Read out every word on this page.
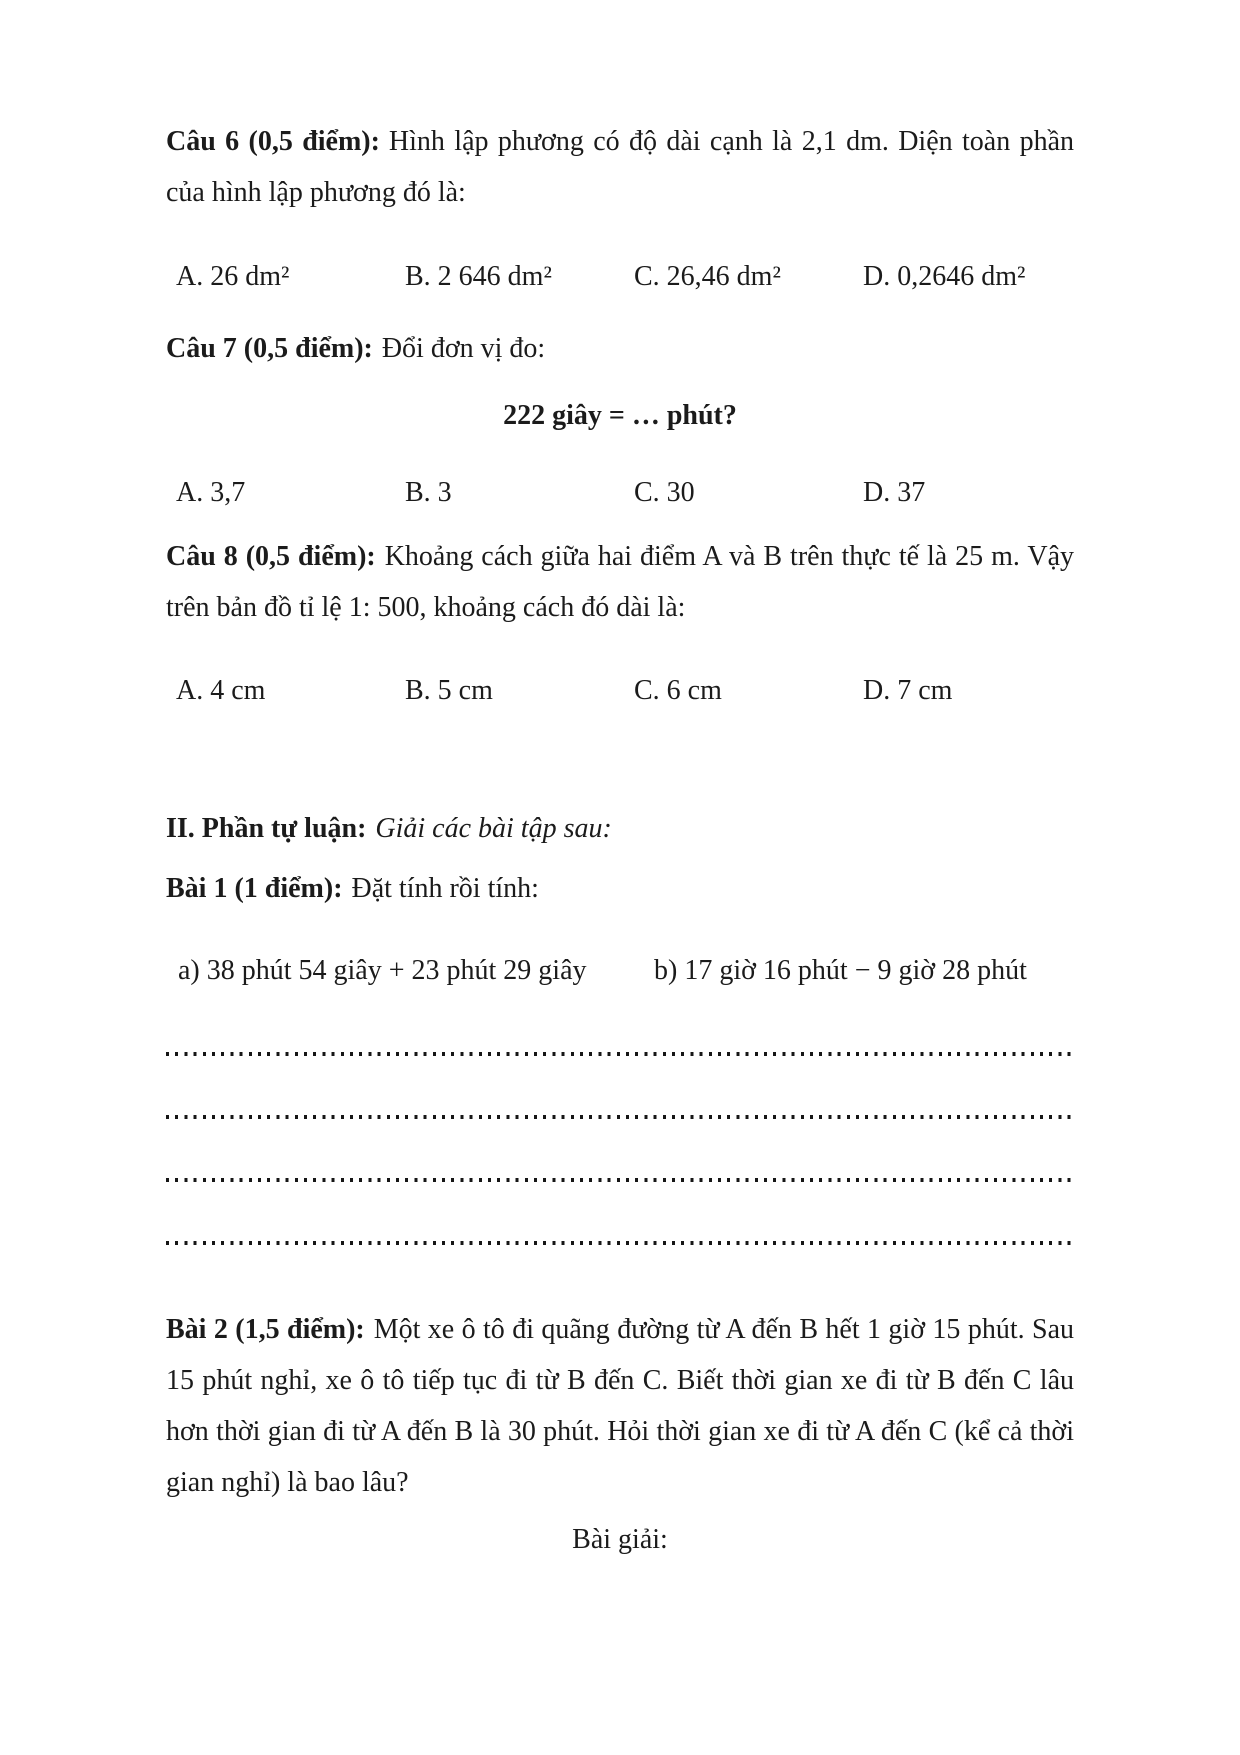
Câu 6 (0,5 điểm): Hình lập phương có độ dài cạnh là 2,1 dm. Diện toàn phần của hình lập phương đó là:
A. 26 dm²	B. 2 646 dm²	C. 26,46 dm²	D. 0,2646 dm²
Câu 7 (0,5 điểm): Đổi đơn vị đo:
222 giây = … phút?
A. 3,7	B. 3	C. 30	D. 37
Câu 8 (0,5 điểm): Khoảng cách giữa hai điểm A và B trên thực tế là 25 m. Vậy trên bản đồ tỉ lệ 1: 500, khoảng cách đó dài là:
A. 4 cm	B. 5 cm	C. 6 cm	D. 7 cm
II. Phần tự luận: Giải các bài tập sau:
Bài 1 (1 điểm): Đặt tính rồi tính:
a) 38 phút 54 giây + 23 phút 29 giây	b) 17 giờ 16 phút − 9 giờ 28 phút
Bài 2 (1,5 điểm): Một xe ô tô đi quãng đường từ A đến B hết 1 giờ 15 phút. Sau 15 phút nghỉ, xe ô tô tiếp tục đi từ B đến C. Biết thời gian xe đi từ B đến C lâu hơn thời gian đi từ A đến B là 30 phút. Hỏi thời gian xe đi từ A đến C (kể cả thời gian nghỉ) là bao lâu?
Bài giải:
